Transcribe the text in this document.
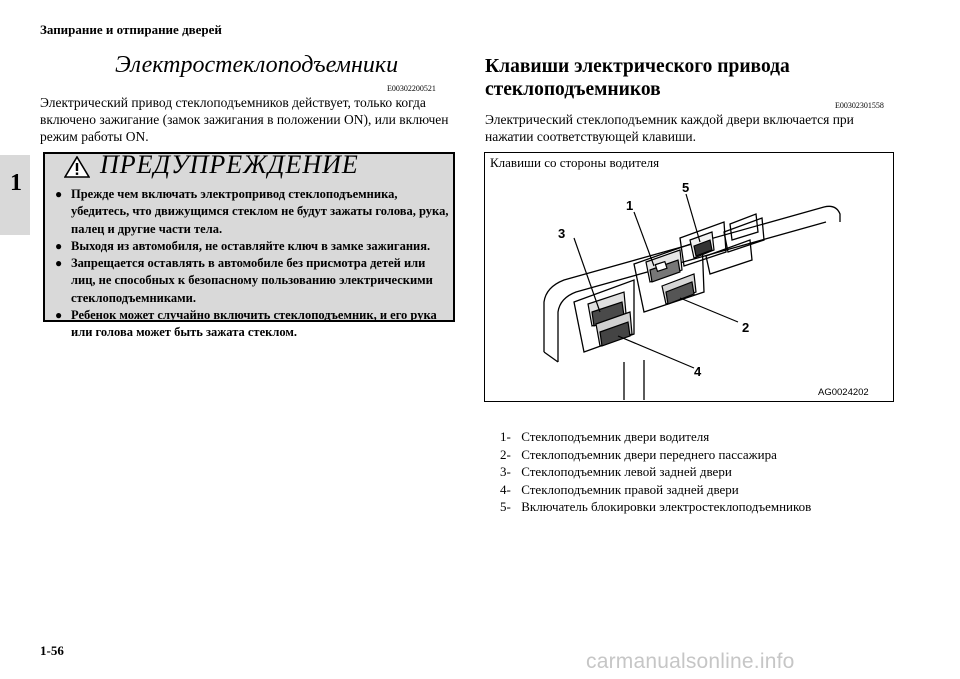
Запирание и отпирание дверей
1
1-56	carmanualsonline.info
Электростеклоподъемники
E00302200521
Электрический привод стеклоподъемников действует, только когда включено зажигание (замок зажигания в положении ON), или включен режим работы ON.
ПРЕДУПРЕЖДЕНИЕ
● Прежде чем включать электропривод стеклоподъемника, убедитесь, что движущимся стеклом не будут зажаты голова, рука, палец и другие части тела.
● Выходя из автомобиля, не оставляйте ключ в замке зажигания.
● Запрещается оставлять в автомобиле без присмотра детей или лиц, не способных к безопасному пользованию электрическими стеклоподъемниками.
● Ребенок может случайно включить стеклоподъемник, и его рука или голова может быть зажата стеклом.
Клавиши электрического привода стеклоподъемников
E00302301558
Электрический стеклоподъемник каждой двери включается при нажатии соответствующей клавиши.
Клавиши со стороны водителя
1
2
3
4
5
AG0024202
1- Стеклоподъемник двери водителя
2- Стеклоподъемник двери переднего пассажира
3- Стеклоподъемник левой задней двери
4- Стеклоподъемник правой задней двери
5- Включатель блокировки электростеклоподъемников
